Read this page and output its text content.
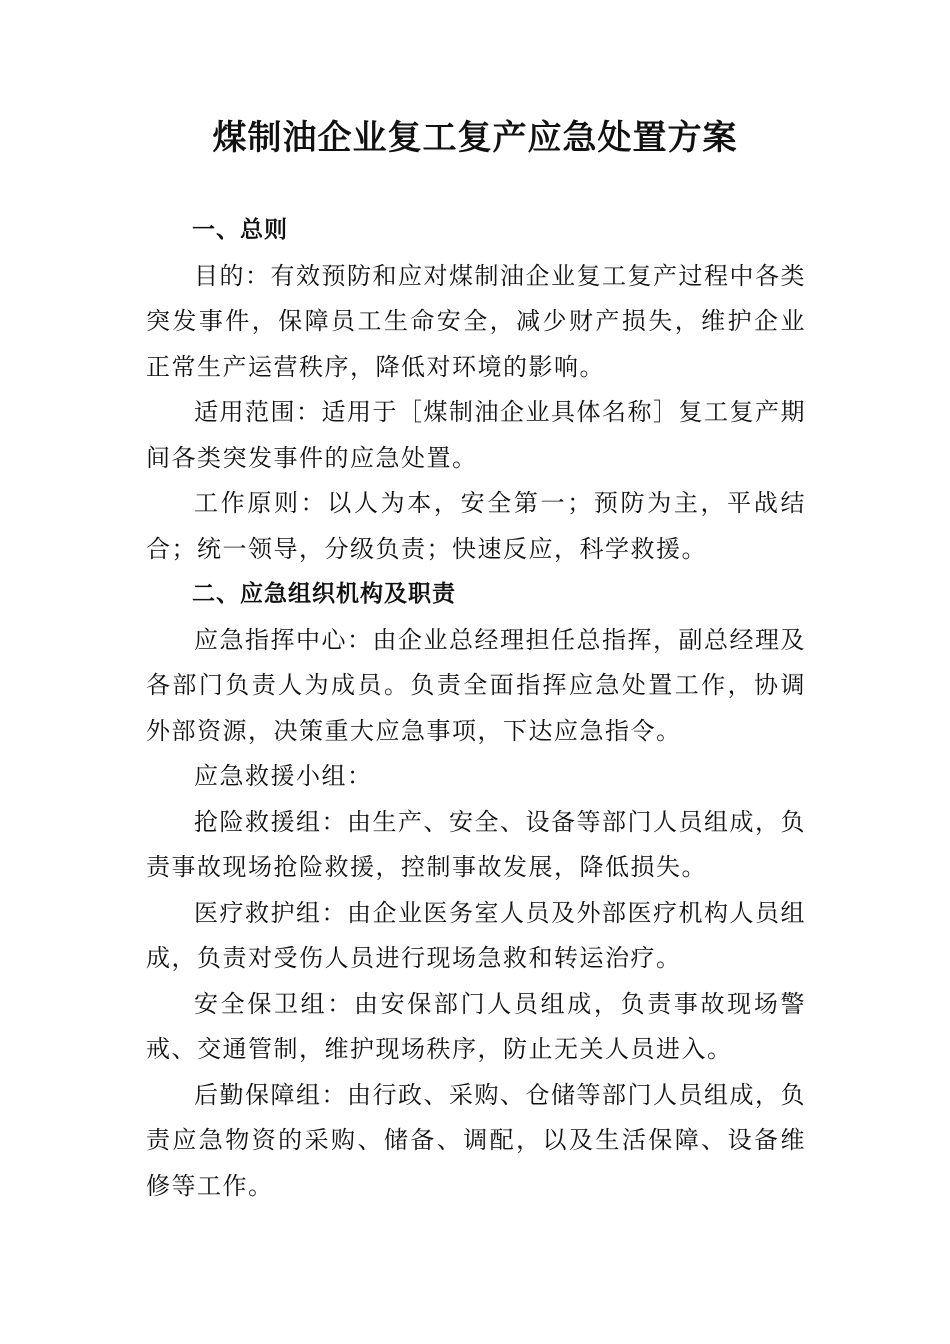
煤制油企业复工复产应急处置方案

一、总则

目的：有效预防和应对煤制油企业复工复产过程中各类突发事件，保障员工生命安全，减少财产损失，维护企业正常生产运营秩序，降低对环境的影响。

适用范围：适用于［煤制油企业具体名称］复工复产期间各类突发事件的应急处置。

工作原则：以人为本，安全第一；预防为主，平战结合；统一领导，分级负责；快速反应，科学救援。

二、应急组织机构及职责

应急指挥中心：由企业总经理担任总指挥，副总经理及各部门负责人为成员。负责全面指挥应急处置工作，协调外部资源，决策重大应急事项，下达应急指令。

应急救援小组：

抢险救援组：由生产、安全、设备等部门人员组成，负责事故现场抢险救援，控制事故发展，降低损失。

医疗救护组：由企业医务室人员及外部医疗机构人员组成，负责对受伤人员进行现场急救和转运治疗。

安全保卫组：由安保部门人员组成，负责事故现场警戒、交通管制，维护现场秩序，防止无关人员进入。

后勤保障组：由行政、采购、仓储等部门人员组成，负责应急物资的采购、储备、调配，以及生活保障、设备维修等工作。
